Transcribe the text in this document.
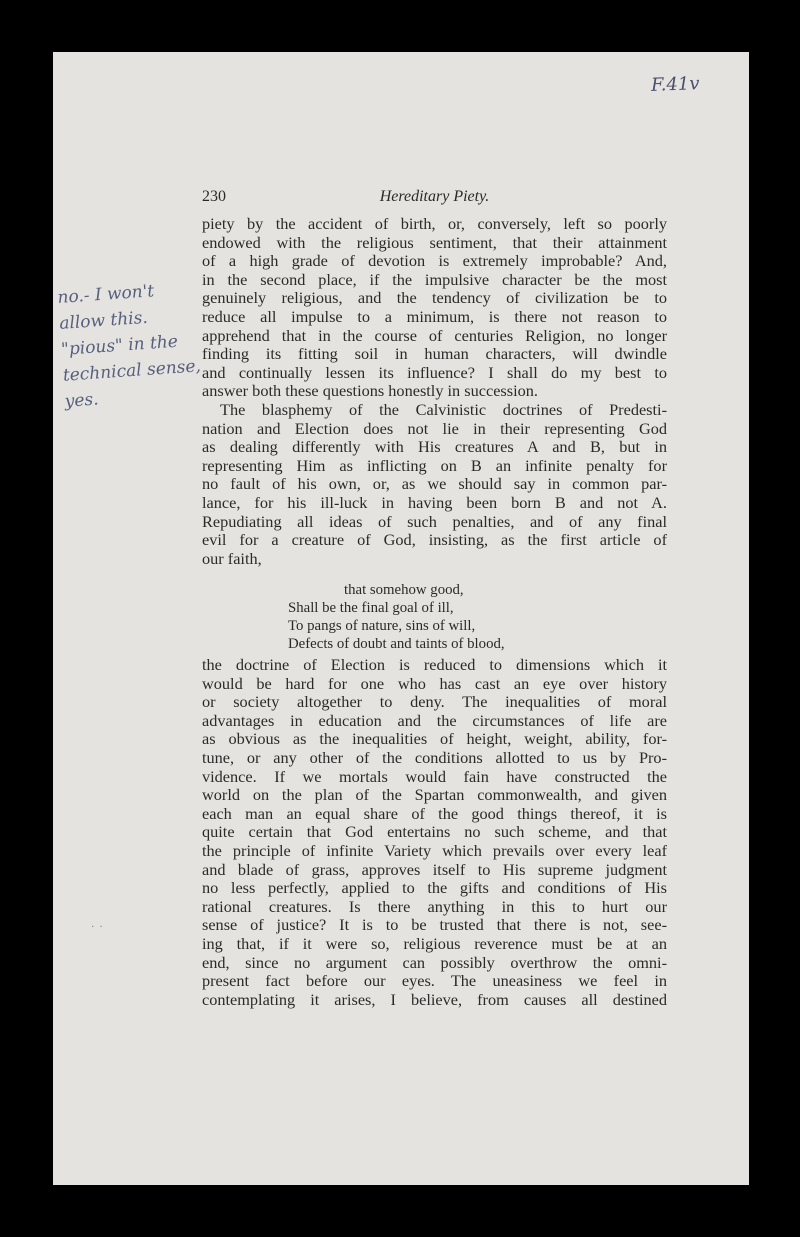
F.41v
230	Hereditary Piety.
no.- I won't
allow this.
"pious" in the
technical sense,
yes.
piety by the accident of birth, or, conversely, left so poorly
endowed with the religious sentiment, that their attainment
of a high grade of devotion is extremely improbable? And,
in the second place, if the impulsive character be the most
genuinely religious, and the tendency of civilization be to
reduce all impulse to a minimum, is there not reason to
apprehend that in the course of centuries Religion, no longer
finding its fitting soil in human characters, will dwindle
and continually lessen its influence? I shall do my best to
answer both these questions honestly in succession.
The blasphemy of the Calvinistic doctrines of Predesti-
nation and Election does not lie in their representing God
as dealing differently with His creatures A and B, but in
representing Him as inflicting on B an infinite penalty for
no fault of his own, or, as we should say in common par-
lance, for his ill-luck in having been born B and not A.
Repudiating all ideas of such penalties, and of any final
evil for a creature of God, insisting, as the first article of
our faith,
that somehow good,
Shall be the final goal of ill,
To pangs of nature, sins of will,
Defects of doubt and taints of blood,
the doctrine of Election is reduced to dimensions which it
would be hard for one who has cast an eye over history
or society altogether to deny. The inequalities of moral
advantages in education and the circumstances of life are
as obvious as the inequalities of height, weight, ability, for-
tune, or any other of the conditions allotted to us by Pro-
vidence. If we mortals would fain have constructed the
world on the plan of the Spartan commonwealth, and given
each man an equal share of the good things thereof, it is
quite certain that God entertains no such scheme, and that
the principle of infinite Variety which prevails over every leaf
and blade of grass, approves itself to His supreme judgment
no less perfectly, applied to the gifts and conditions of His
rational creatures. Is there anything in this to hurt our
sense of justice? It is to be trusted that there is not, see-
ing that, if it were so, religious reverence must be at an
end, since no argument can possibly overthrow the omni-
present fact before our eyes. The uneasiness we feel in
contemplating it arises, I believe, from causes all destined
·  ·
